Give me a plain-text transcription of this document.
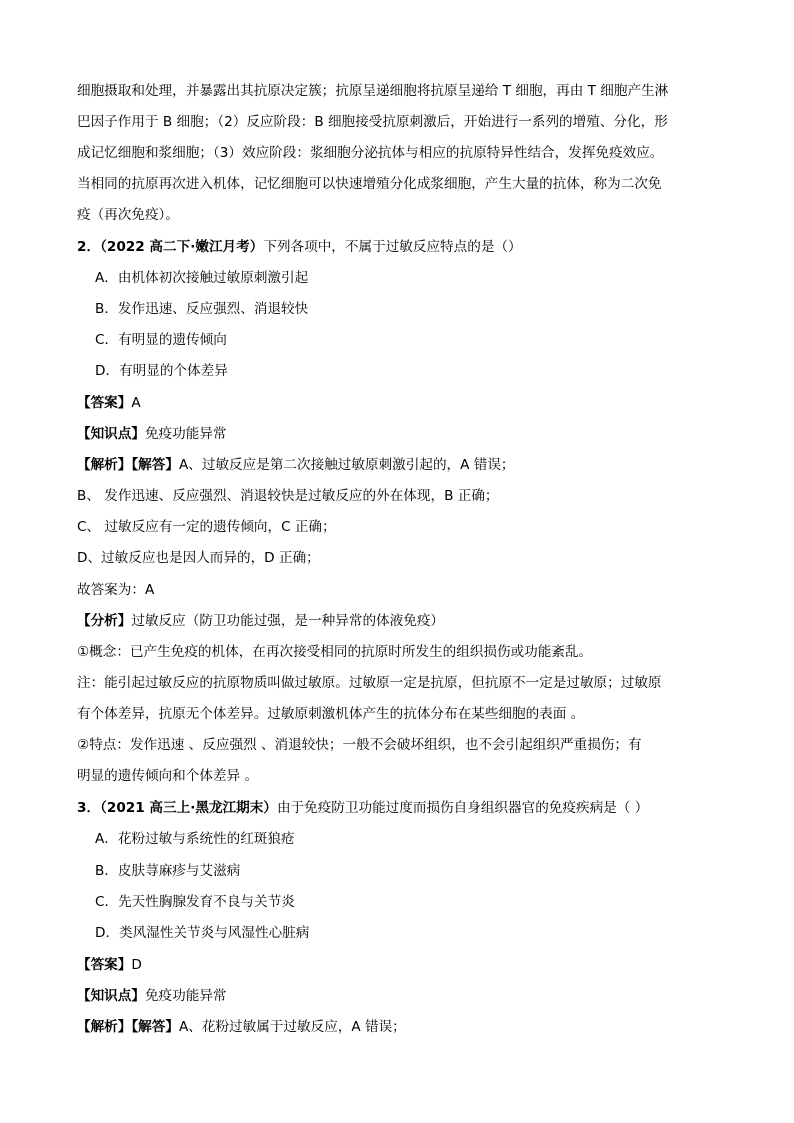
细胞摄取和处理，并暴露出其抗原决定簇；抗原呈递细胞将抗原呈递给 T 细胞，再由 T 细胞产生淋
巴因子作用于 B 细胞；（2）反应阶段：B 细胞接受抗原刺激后，开始进行一系列的增殖、分化，形
成记忆细胞和浆细胞；（3）效应阶段：浆细胞分泌抗体与相应的抗原特异性结合，发挥免疫效应。
当相同的抗原再次进入机体，记忆细胞可以快速增殖分化成浆细胞，产生大量的抗体，称为二次免
疫（再次免疫）。
2．（2022 高二下·嫩江月考）下列各项中，不属于过敏反应特点的是（）
A．由机体初次接触过敏原刺激引起
B．发作迅速、反应强烈、消退较快
C．有明显的遗传倾向
D．有明显的个体差异
【答案】A
【知识点】免疫功能异常
【解析】【解答】A、过敏反应是第二次接触过敏原刺激引起的，A 错误；
B、 发作迅速、反应强烈、消退较快是过敏反应的外在体现，B 正确；
C、 过敏反应有一定的遗传倾向，C 正确；
D、过敏反应也是因人而异的，D 正确；
故答案为：A
【分析】过敏反应（防卫功能过强，是一种异常的体液免疫）
①概念：已产生免疫的机体，在再次接受相同的抗原时所发生的组织损伤或功能紊乱。
注：能引起过敏反应的抗原物质叫做过敏原。过敏原一定是抗原，但抗原不一定是过敏原；过敏原
有个体差异，抗原无个体差异。过敏原刺激机体产生的抗体分布在某些细胞的表面 。
②特点：发作迅速 、反应强烈 、消退较快；一般不会破坏组织，也不会引起组织严重损伤；有
明显的遗传倾向和个体差异 。
3．（2021 高三上·黑龙江期末）由于免疫防卫功能过度而损伤自身组织器官的免疫疾病是（ ）
A．花粉过敏与系统性的红斑狼疮
B．皮肤荨麻疹与艾滋病
C．先天性胸腺发育不良与关节炎
D．类风湿性关节炎与风湿性心脏病
【答案】D
【知识点】免疫功能异常
【解析】【解答】A、花粉过敏属于过敏反应，A 错误；
